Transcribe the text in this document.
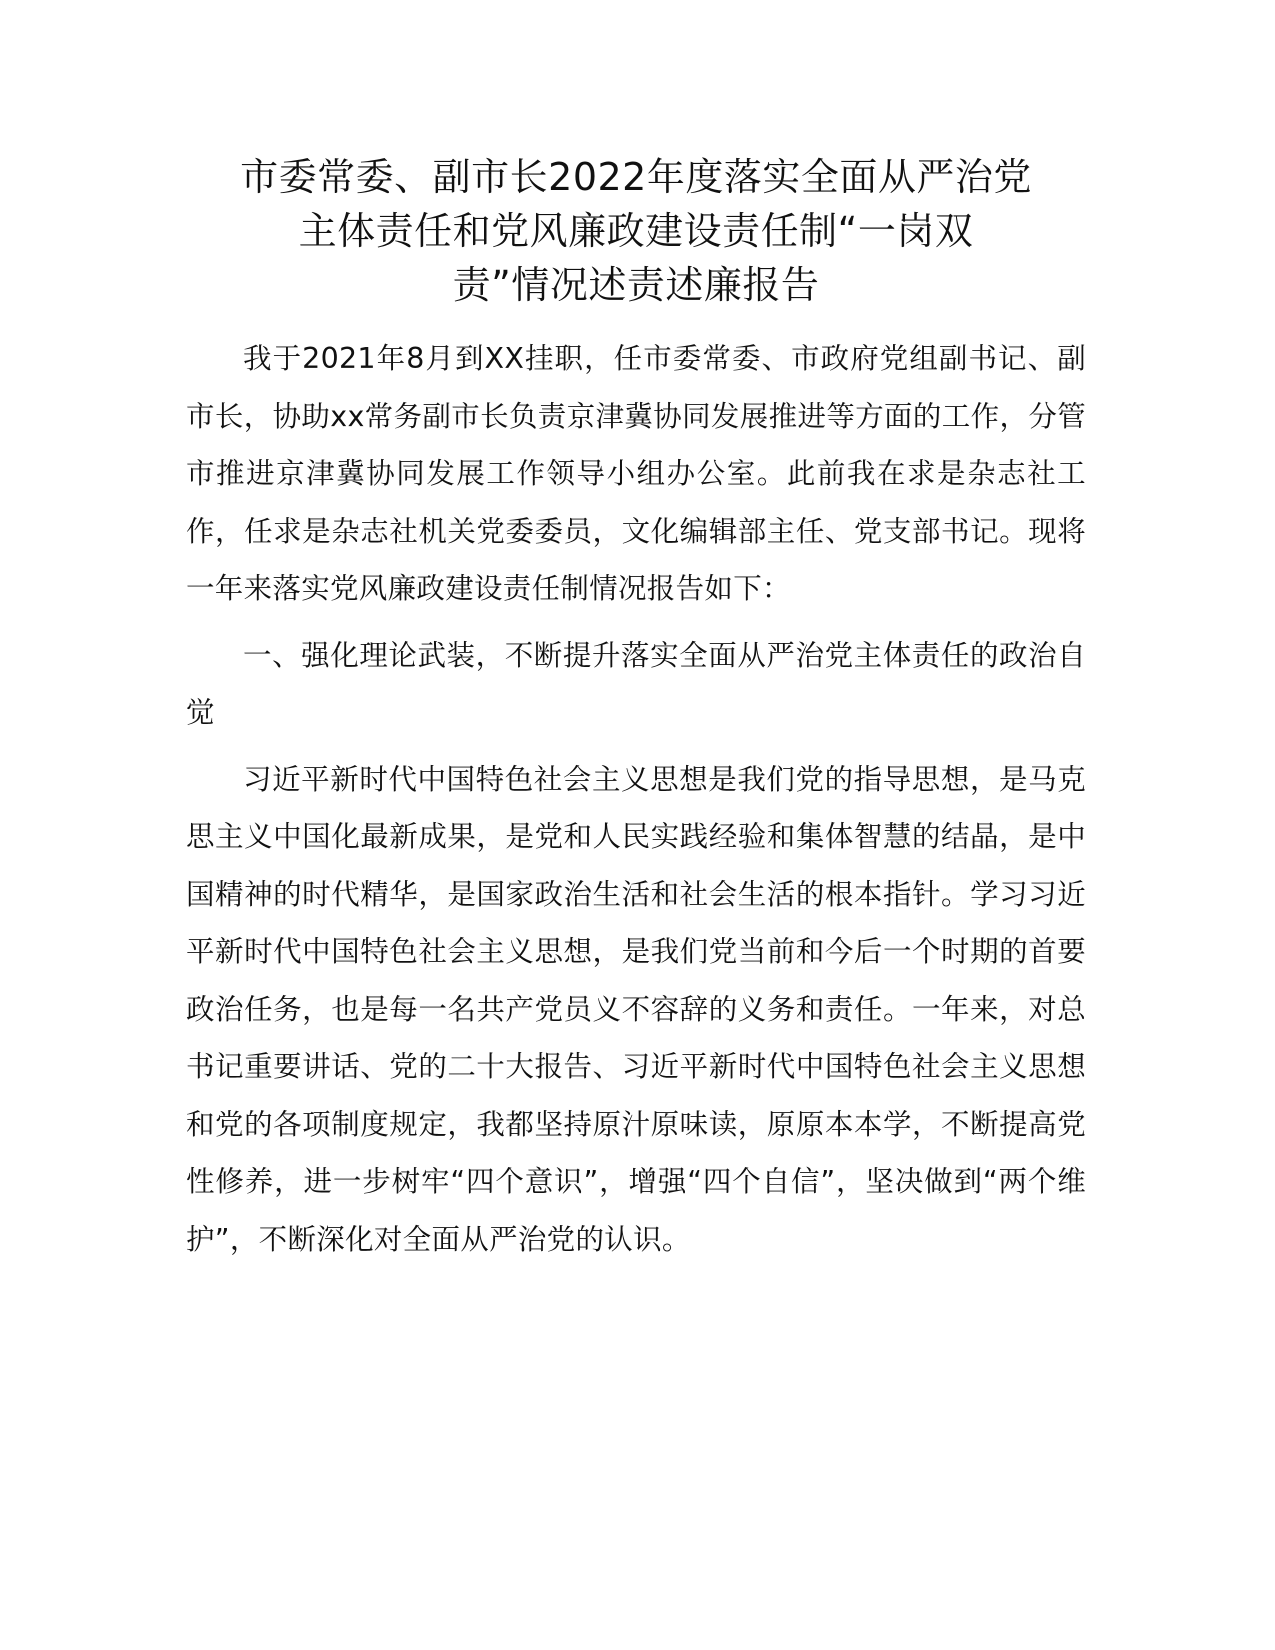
市委常委、副市长2022年度落实全面从严治党
主体责任和党风廉政建设责任制“一岗双
责”情况述责述廉报告

我于2021年8月到XX挂职，任市委常委、市政府党组副书记、副市长，协助xx常务副市长负责京津冀协同发展推进等方面的工作，分管市推进京津冀协同发展工作领导小组办公室。此前我在求是杂志社工作，任求是杂志社机关党委委员，文化编辑部主任、党支部书记。现将一年来落实党风廉政建设责任制情况报告如下：

一、强化理论武装，不断提升落实全面从严治党主体责任的政治自觉

习近平新时代中国特色社会主义思想是我们党的指导思想，是马克思主义中国化最新成果，是党和人民实践经验和集体智慧的结晶，是中国精神的时代精华，是国家政治生活和社会生活的根本指针。学习习近平新时代中国特色社会主义思想，是我们党当前和今后一个时期的首要政治任务，也是每一名共产党员义不容辞的义务和责任。一年来，对总书记重要讲话、党的二十大报告、习近平新时代中国特色社会主义思想和党的各项制度规定，我都坚持原汁原味读，原原本本学，不断提高党性修养，进一步树牢“四个意识”，增强“四个自信”，坚决做到“两个维护”，不断深化对全面从严治党的认识。
